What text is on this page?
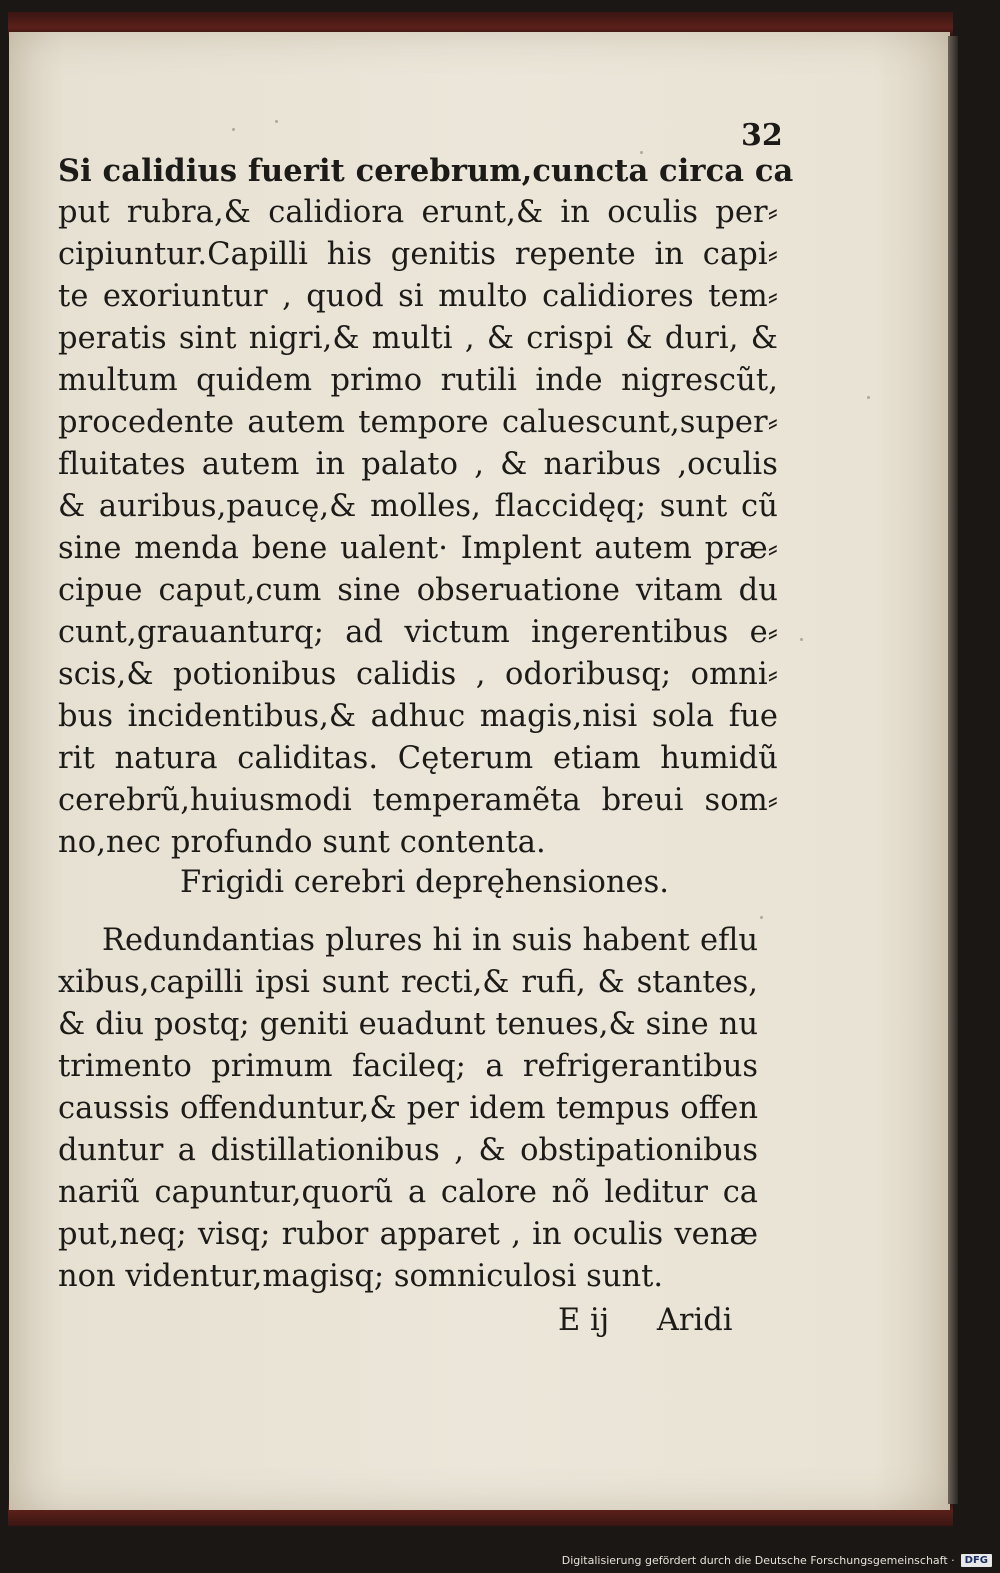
32
Si calidius fuerit cerebrum,cuncta circa ca
put rubra,& calidiora erunt,& in oculis per⸗
cipiuntur.Capilli his genitis repente in capi⸗
te exoriuntur , quod si multo calidiores tem⸗
peratis sint nigri,& multi , & crispi & duri, &
multum quidem primo rutili inde nigrescũt,
procedente autem tempore caluescunt,super⸗
fluitates autem in palato , & naribus ,oculis
& auribus,paucę,& molles, flaccidęq; sunt cũ
sine menda bene ualent· Implent autem præ⸗
cipue caput,cum sine obseruatione vitam du
cunt,grauanturq; ad victum ingerentibus e⸗
scis,& potionibus calidis , odoribusq; omni⸗
bus incidentibus,& adhuc magis,nisi sola fue
rit natura caliditas. Cęterum etiam humidũ
cerebrũ,huiusmodi temperamẽta breui som⸗
no,nec profundo sunt contenta.
Frigidi cerebri depręhensiones.
Redundantias plures hi in suis habent eflu
xibus,capilli ipsi sunt recti,& rufi, & stantes,
& diu postq; geniti euadunt tenues,& sine nu
trimento primum facileq; a refrigerantibus
caussis offenduntur,& per idem tempus offen
duntur a distillationibus , & obstipationibus
nariũ capuntur,quorũ a calore nõ leditur ca
put,neq; visq; rubor apparet , in oculis venæ
non videntur,magisq; somniculosi sunt.
E ij Aridi
Digitalisierung gefördert durch die Deutsche Forschungsgemeinschaft ·	DFG
